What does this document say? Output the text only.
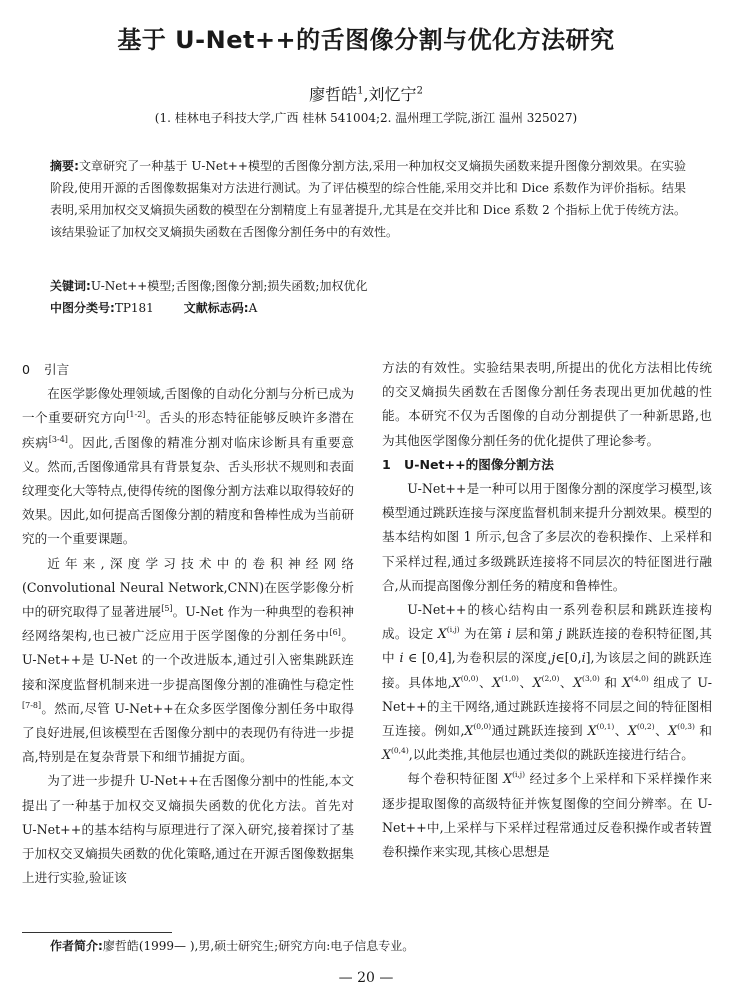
基于 U-Net++的舌图像分割与优化方法研究
廖哲皓$^1$,刘忆宁$^2$
(1. 桂林电子科技大学,广西 桂林 541004;2. 温州理工学院,浙江 温州 325027)
摘要:文章研究了一种基于 U-Net++模型的舌图像分割方法,采用一种加权交叉熵损失函数来提升图像分割效果。在实验阶段,使用开源的舌图像数据集对方法进行测试。为了评估模型的综合性能,采用交并比和 Dice 系数作为评价指标。结果表明,采用加权交叉熵损失函数的模型在分割精度上有显著提升,尤其是在交并比和 Dice 系数 2 个指标上优于传统方法。该结果验证了加权交叉熵损失函数在舌图像分割任务中的有效性。
关键词:U-Net++模型;舌图像;图像分割;损失函数;加权优化
中图分类号:TP181	文献标志码:A
0 引言

在医学影像处理领域,舌图像的自动化分割与分析已成为一个重要研究方向[1-2]。舌头的形态特征能够反映许多潜在疾病[3-4]。因此,舌图像的精准分割对临床诊断具有重要意义。然而,舌图像通常具有背景复杂、舌头形状不规则和表面纹理变化大等特点,使得传统的图像分割方法难以取得较好的效果。因此,如何提高舌图像分割的精度和鲁棒性成为当前研究的一个重要课题。

近年来,深度学习技术中的卷积神经网络(Convolutional Neural Network,CNN)在医学影像分析中的研究取得了显著进展[5]。U-Net 作为一种典型的卷积神经网络架构,也已被广泛应用于医学图像的分割任务中[6]。U-Net++是 U-Net 的一个改进版本,通过引入密集跳跃连接和深度监督机制来进一步提高图像分割的准确性与稳定性[7-8]。然而,尽管 U-Net++在众多医学图像分割任务中取得了良好进展,但该模型在舌图像分割中的表现仍有待进一步提高,特别是在复杂背景下和细节捕捉方面。

为了进一步提升 U-Net++在舌图像分割中的性能,本文提出了一种基于加权交叉熵损失函数的优化方法。首先对 U-Net++的基本结构与原理进行了深入研究,接着探讨了基于加权交叉熵损失函数的优化策略,通过在开源舌图像数据集上进行实验,验证该

方法的有效性。实验结果表明,所提出的优化方法相比传统的交叉熵损失函数在舌图像分割任务表现出更加优越的性能。本研究不仅为舌图像的自动分割提供了一种新思路,也为其他医学图像分割任务的优化提供了理论参考。

1 U-Net++的图像分割方法

U-Net++是一种可以用于图像分割的深度学习模型,该模型通过跳跃连接与深度监督机制来提升分割效果。模型的基本结构如图 1 所示,包含了多层次的卷积操作、上采样和下采样过程,通过多级跳跃连接将不同层次的特征图进行融合,从而提高图像分割任务的精度和鲁棒性。

U-Net++的核心结构由一系列卷积层和跳跃连接构成。设定 X$^{(i,j)}$ 为在第 i 层和第 j 跳跃连接的卷积特征图,其中 i ∈ [0,4],为卷积层的深度,j∈[0,i],为该层之间的跳跃连接。具体地$,X^{(0,0)}$、X$^{(1,0)}$、X$^{(2,0)}$、X$^{(3,0)}$ 和 X$^{(4,0)}$ 组成了 U-Net++的主干网络,通过跳跃连接将不同层之间的特征图相互连接。例如$,X^{(0,0)}$通过跳跃连接到 X$^{(0,1)}$、X$^{(0,2)}$、X$^{(0,3)}$ 和 X$^{(0,4)}$,以此类推,其他层也通过类似的跳跃连接进行结合。

每个卷积特征图 X$^{(i,j)}$ 经过多个上采样和下采样操作来逐步提取图像的高级特征并恢复图像的空间分辨率。在 U-Net++中,上采样与下采样过程常通过反卷积操作或者转置卷积操作来实现,其核心思想是

作者简介:廖哲皓(1999— ),男,硕士研究生;研究方向:电子信息专业。
— 20 —
